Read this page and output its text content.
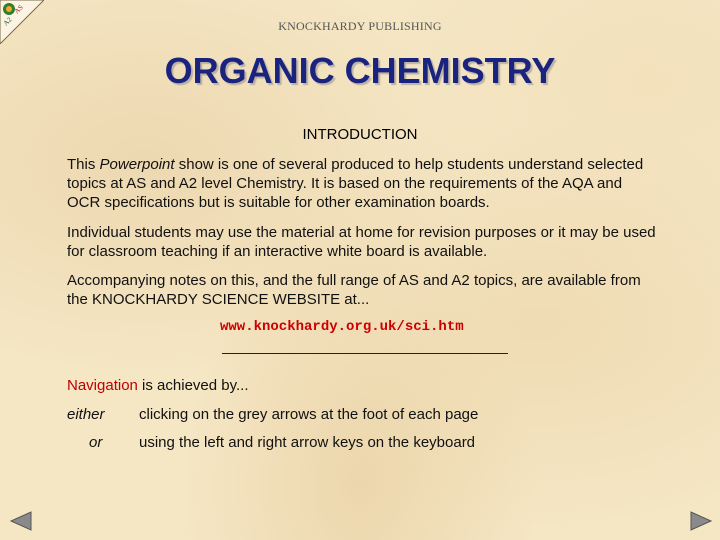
AS
A2	KNOCKHARDY PUBLISHING
ORGANIC CHEMISTRY
INTRODUCTION

This Powerpoint show is one of several produced to help students understand selected topics at AS and A2 level Chemistry. It is based on the requirements of the AQA and OCR specifications but is suitable for other examination boards.

Individual students may use the material at home for revision purposes or it may be used for classroom teaching if an interactive white board is available.

Accompanying notes on this, and the full range of AS and A2 topics, are available from the KNOCKHARDY SCIENCE WEBSITE at...

www.knockhardy.org.uk/sci.htm
Navigation is achieved by...
either clicking on the grey arrows at the foot of each page
or using the left and right arrow keys on the keyboard
